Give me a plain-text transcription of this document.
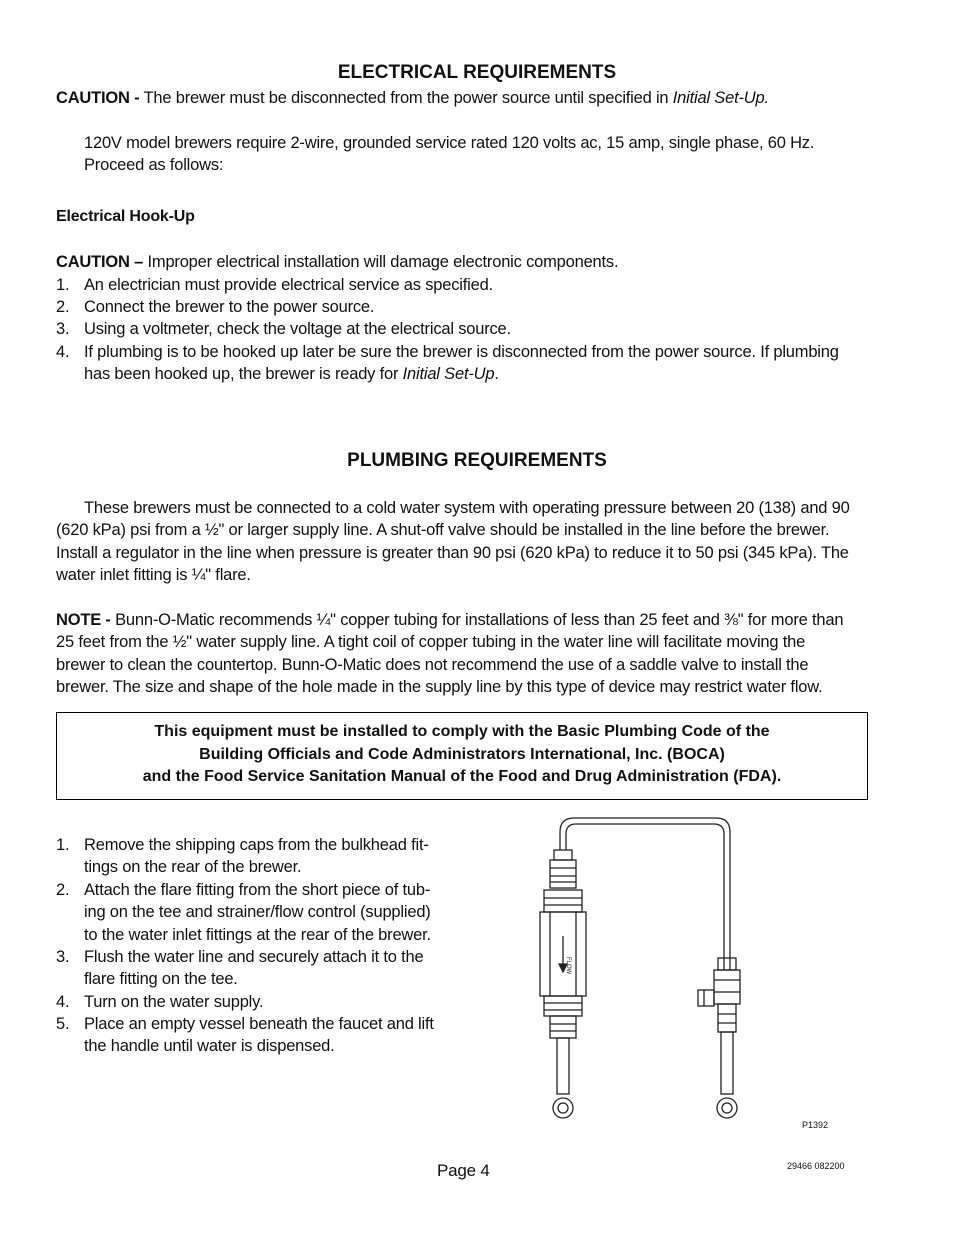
ELECTRICAL REQUIREMENTS
CAUTION - The brewer must be disconnected from the power source until specified in Initial Set-Up.
120V model brewers require 2-wire, grounded service rated 120 volts ac, 15 amp, single phase, 60 Hz.
Proceed as follows:
Electrical Hook-Up
CAUTION – Improper electrical installation will damage electronic components.
1. An electrician must provide electrical service as specified.
2. Connect the brewer to the power source.
3. Using a voltmeter, check the voltage at the electrical source.
4. If plumbing is to be hooked up later be sure the brewer is disconnected from the power source. If plumbing
has been hooked up, the brewer is ready for Initial Set-Up.
PLUMBING REQUIREMENTS
These brewers must be connected to a cold water system with operating pressure between 20 (138) and 90
(620 kPa) psi from a ½" or larger supply line. A shut-off valve should be installed in the line before the brewer.
Install a regulator in the line when pressure is greater than 90 psi (620 kPa) to reduce it to 50 psi (345 kPa). The
water inlet fitting is ¼" flare.
NOTE - Bunn-O-Matic recommends ¼" copper tubing for installations of less than 25 feet and ⅜" for more than
25 feet from the ½" water supply line. A tight coil of copper tubing in the water line will facilitate moving the
brewer to clean the countertop. Bunn-O-Matic does not recommend the use of a saddle valve to install the
brewer. The size and shape of the hole made in the supply line by this type of device may restrict water flow.
This equipment must be installed to comply with the Basic Plumbing Code of the
Building Officials and Code Administrators International, Inc. (BOCA)
and the Food Service Sanitation Manual of the Food and Drug Administration (FDA).
1. Remove the shipping caps from the bulkhead fit-
tings on the rear of the brewer.
2. Attach the flare fitting from the short piece of tub-
ing on the tee and strainer/flow control (supplied)
to the water inlet fittings at the rear of the brewer.
3. Flush the water line and securely attach it to the
flare fitting on the tee.
4. Turn on the water supply.
5. Place an empty vessel beneath the faucet and lift
the handle until water is dispensed.
FLOW
P1392
Page 4	29466 082200
